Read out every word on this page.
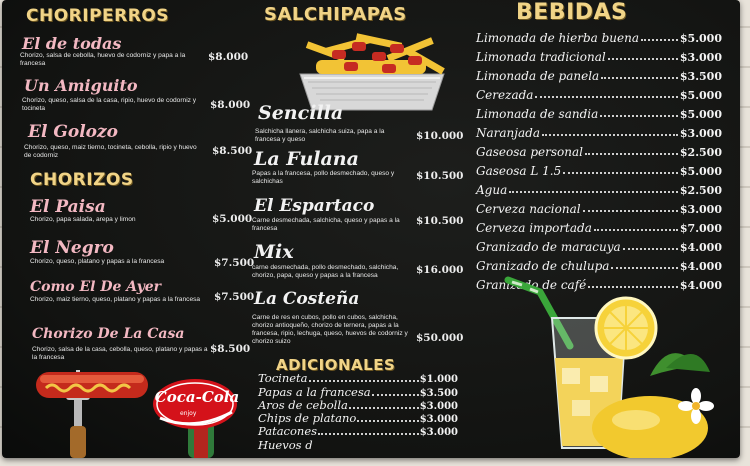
CHORIPERROS
El de todas
Chorizo, salsa de cebolla, huevo de codorniz y papa a la francesa
$8.000
Un Amiguito
Chorizo, queso, salsa de la casa, ripio, huevo de codorniz y tocineta	$8.000
El Golozo
Chorizo, queso, maiz tierno, tocineta, cebolla, ripio y huevo de codorniz	$8.500
CHORIZOS
El Paisa
Chorizo, papa salada, arepa y limon	$5.000
El Negro
Chorizo, queso, platano y papas a la francesa	$7.500
Como El De Ayer
Chorizo, maiz tierno, queso, platano y papas a la francesa	$7.500
Chorizo De La Casa
Chorizo, salsa de la casa, cebolla, queso, platano y papas a la francesa
$8.500
Coca-Cola
enjoy
SALCHIPAPAS
Sencilla
Salchicha llanera, salchicha suiza, papa a la francesa y queso	$10.000
La Fulana
Papas a la francesa, pollo desmechado, queso y salchichas	$10.500
El Espartaco
Carne desmechada, salchicha, queso y papas a la francesa
$10.500
Mix
carne desmechada, pollo desmechado, salchicha, chorizo, papa, queso y papas a la francesa	$16.000
La Costeña
Carne de res en cubos, pollo en cubos, salchicha, chorizo antioqueño, chorizo de ternera, papas a la francesa, ripio, lechuga, queso, huevos de codorniz y chorizo suizo	$50.000
ADICIONALES
Tocineta	$1.000
Papas a la francesa	$3.500
Aros de cebolla	$3.000
Chips de platano	$3.000
Patacones	$3.000
Huevos d
BEBIDAS
Limonada de hierba buena	$5.000
Limonada tradicional	$3.000
Limonada de panela	$3.500
Cerezada	$5.000
Limonada de sandia	$5.000
Naranjada	$3.000
Gaseosa personal	$2.500
Gaseosa L 1.5	$5.000
Agua	$2.500
Cerveza nacional	$3.000
Cerveza importada	$7.000
Granizado de maracuya	$4.000
Granizado de chulupa	$4.000
Granizado de café	$4.000
